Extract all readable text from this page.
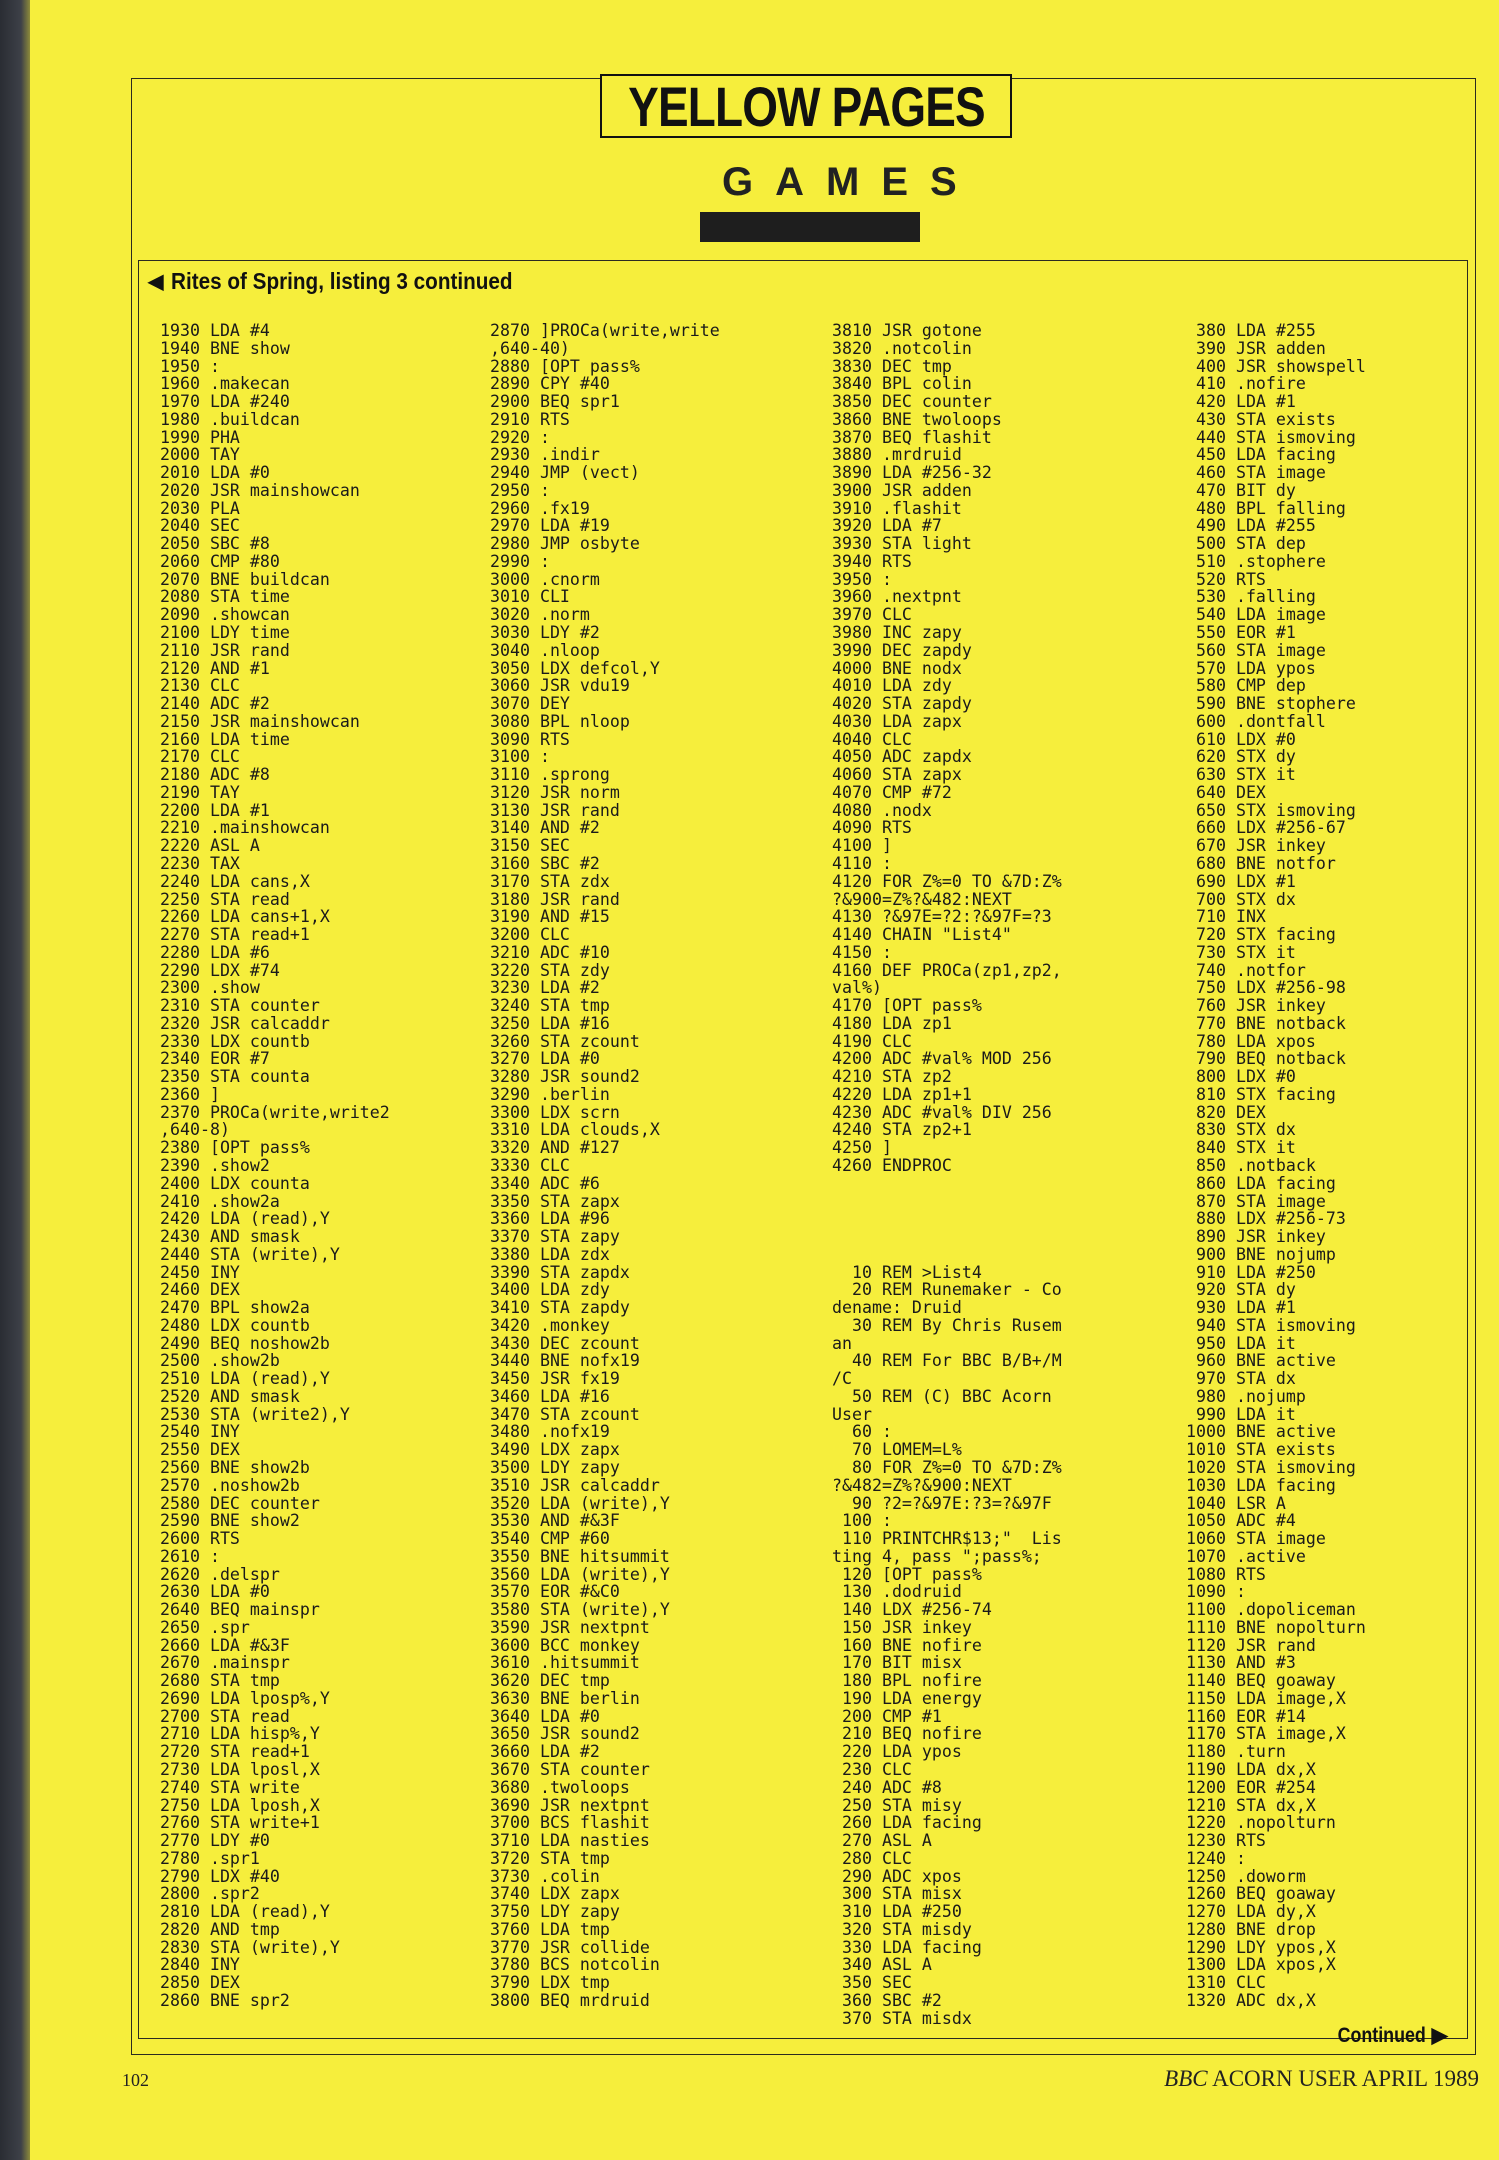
YELLOW PAGES
GAMES
◀ Rites of Spring, listing 3 continued
1930 LDA #4
1940 BNE show
1950 :
1960 .makecan
1970 LDA #240
1980 .buildcan
1990 PHA
2000 TAY
2010 LDA #0
2020 JSR mainshowcan
2030 PLA
2040 SEC
2050 SBC #8
2060 CMP #80
2070 BNE buildcan
2080 STA time
2090 .showcan
2100 LDY time
2110 JSR rand
2120 AND #1
2130 CLC
2140 ADC #2
2150 JSR mainshowcan
2160 LDA time
2170 CLC
2180 ADC #8
2190 TAY
2200 LDA #1
2210 .mainshowcan
2220 ASL A
2230 TAX
2240 LDA cans,X
2250 STA read
2260 LDA cans+1,X
2270 STA read+1
2280 LDA #6
2290 LDX #74
2300 .show
2310 STA counter
2320 JSR calcaddr
2330 LDX countb
2340 EOR #7
2350 STA counta
2360 ]
2370 PROCa(write,write2
,640-8)
2380 [OPT pass%
2390 .show2
2400 LDX counta
2410 .show2a
2420 LDA (read),Y
2430 AND smask
2440 STA (write),Y
2450 INY
2460 DEX
2470 BPL show2a
2480 LDX countb
2490 BEQ noshow2b
2500 .show2b
2510 LDA (read),Y
2520 AND smask
2530 STA (write2),Y
2540 INY
2550 DEX
2560 BNE show2b
2570 .noshow2b
2580 DEC counter
2590 BNE show2
2600 RTS
2610 :
2620 .delspr
2630 LDA #0
2640 BEQ mainspr
2650 .spr
2660 LDA #&3F
2670 .mainspr
2680 STA tmp
2690 LDA lposp%,Y
2700 STA read
2710 LDA hisp%,Y
2720 STA read+1
2730 LDA lposl,X
2740 STA write
2750 LDA lposh,X
2760 STA write+1
2770 LDY #0
2780 .spr1
2790 LDX #40
2800 .spr2
2810 LDA (read),Y
2820 AND tmp
2830 STA (write),Y
2840 INY
2850 DEX
2860 BNE spr2
2870 ]PROCa(write,write
,640-40)
2880 [OPT pass%
2890 CPY #40
2900 BEQ spr1
2910 RTS
2920 :
2930 .indir
2940 JMP (vect)
2950 :
2960 .fx19
2970 LDA #19
2980 JMP osbyte
2990 :
3000 .cnorm
3010 CLI
3020 .norm
3030 LDY #2
3040 .nloop
3050 LDX defcol,Y
3060 JSR vdu19
3070 DEY
3080 BPL nloop
3090 RTS
3100 :
3110 .sprong
3120 JSR norm
3130 JSR rand
3140 AND #2
3150 SEC
3160 SBC #2
3170 STA zdx
3180 JSR rand
3190 AND #15
3200 CLC
3210 ADC #10
3220 STA zdy
3230 LDA #2
3240 STA tmp
3250 LDA #16
3260 STA zcount
3270 LDA #0
3280 JSR sound2
3290 .berlin
3300 LDX scrn
3310 LDA clouds,X
3320 AND #127
3330 CLC
3340 ADC #6
3350 STA zapx
3360 LDA #96
3370 STA zapy
3380 LDA zdx
3390 STA zapdx
3400 LDA zdy
3410 STA zapdy
3420 .monkey
3430 DEC zcount
3440 BNE nofx19
3450 JSR fx19
3460 LDA #16
3470 STA zcount
3480 .nofx19
3490 LDX zapx
3500 LDY zapy
3510 JSR calcaddr
3520 LDA (write),Y
3530 AND #&3F
3540 CMP #60
3550 BNE hitsummit
3560 LDA (write),Y
3570 EOR #&C0
3580 STA (write),Y
3590 JSR nextpnt
3600 BCC monkey
3610 .hitsummit
3620 DEC tmp
3630 BNE berlin
3640 LDA #0
3650 JSR sound2
3660 LDA #2
3670 STA counter
3680 .twoloops
3690 JSR nextpnt
3700 BCS flashit
3710 LDA nasties
3720 STA tmp
3730 .colin
3740 LDX zapx
3750 LDY zapy
3760 LDA tmp
3770 JSR collide
3780 BCS notcolin
3790 LDX tmp
3800 BEQ mrdruid
3810 JSR gotone
3820 .notcolin
3830 DEC tmp
3840 BPL colin
3850 DEC counter
3860 BNE twoloops
3870 BEQ flashit
3880 .mrdruid
3890 LDA #256-32
3900 JSR adden
3910 .flashit
3920 LDA #7
3930 STA light
3940 RTS
3950 :
3960 .nextpnt
3970 CLC
3980 INC zapy
3990 DEC zapdy
4000 BNE nodx
4010 LDA zdy
4020 STA zapdy
4030 LDA zapx
4040 CLC
4050 ADC zapdx
4060 STA zapx
4070 CMP #72
4080 .nodx
4090 RTS
4100 ]
4110 :
4120 FOR Z%=0 TO &7D:Z%
?&900=Z%?&482:NEXT
4130 ?&97E=?2:?&97F=?3
4140 CHAIN "List4"
4150 :
4160 DEF PROCa(zp1,zp2,
val%)
4170 [OPT pass%
4180 LDA zp1
4190 CLC
4200 ADC #val% MOD 256
4210 STA zp2
4220 LDA zp1+1
4230 ADC #val% DIV 256
4240 STA zp2+1
4250 ]
4260 ENDPROC
10 REM >List4
20 REM Runemaker - Co
dename: Druid
30 REM By Chris Rusem
an
40 REM For BBC B/B+/M
/C
50 REM (C) BBC Acorn
User
60 :
70 LOMEM=L%
80 FOR Z%=0 TO &7D:Z%
?&482=Z%?&900:NEXT
90 ?2=?&97E:?3=?&97F
100 :
110 PRINTCHR$13;"  Lis
ting 4, pass ";pass%;
120 [OPT pass%
130 .dodruid
140 LDX #256-74
150 JSR inkey
160 BNE nofire
170 BIT misx
180 BPL nofire
190 LDA energy
200 CMP #1
210 BEQ nofire
220 LDA ypos
230 CLC
240 ADC #8
250 STA misy
260 LDA facing
270 ASL A
280 CLC
290 ADC xpos
300 STA misx
310 LDA #250
320 STA misdy
330 LDA facing
340 ASL A
350 SEC
360 SBC #2
370 STA misdx
380 LDA #255
390 JSR adden
400 JSR showspell
410 .nofire
420 LDA #1
430 STA exists
440 STA ismoving
450 LDA facing
460 STA image
470 BIT dy
480 BPL falling
490 LDA #255
500 STA dep
510 .stophere
520 RTS
530 .falling
540 LDA image
550 EOR #1
560 STA image
570 LDA ypos
580 CMP dep
590 BNE stophere
600 .dontfall
610 LDX #0
620 STX dy
630 STX it
640 DEX
650 STX ismoving
660 LDX #256-67
670 JSR inkey
680 BNE notfor
690 LDX #1
700 STX dx
710 INX
720 STX facing
730 STX it
740 .notfor
750 LDX #256-98
760 JSR inkey
770 BNE notback
780 LDA xpos
790 BEQ notback
800 LDX #0
810 STX facing
820 DEX
830 STX dx
840 STX it
850 .notback
860 LDA facing
870 STA image
880 LDX #256-73
890 JSR inkey
900 BNE nojump
910 LDA #250
920 STA dy
930 LDA #1
940 STA ismoving
950 LDA it
960 BNE active
970 STA dx
980 .nojump
990 LDA it
1000 BNE active
1010 STA exists
1020 STA ismoving
1030 LDA facing
1040 LSR A
1050 ADC #4
1060 STA image
1070 .active
1080 RTS
1090 :
1100 .dopoliceman
1110 BNE nopolturn
1120 JSR rand
1130 AND #3
1140 BEQ goaway
1150 LDA image,X
1160 EOR #14
1170 STA image,X
1180 .turn
1190 LDA dx,X
1200 EOR #254
1210 STA dx,X
1220 .nopolturn
1230 RTS
1240 :
1250 .doworm
1260 BEQ goaway
1270 LDA dy,X
1280 BNE drop
1290 LDY ypos,X
1300 LDA xpos,X
1310 CLC
1320 ADC dx,X
Continued ▶
102	BBC ACORN USER APRIL 1989
